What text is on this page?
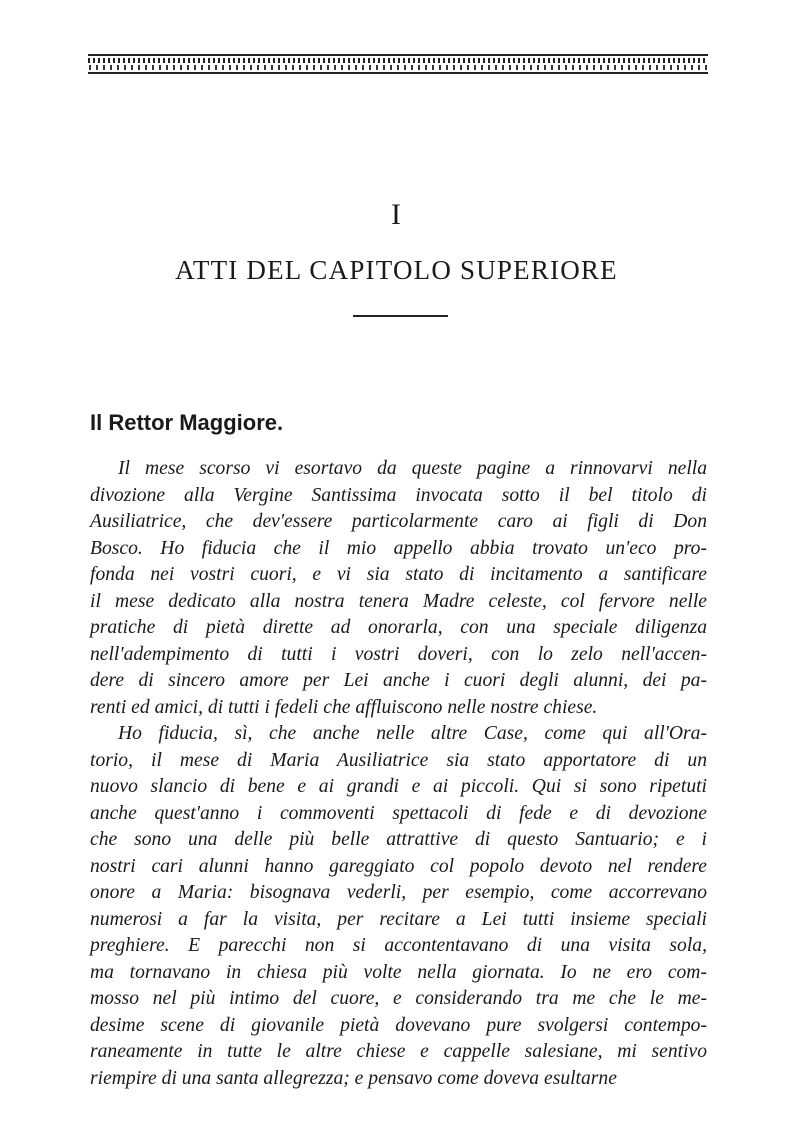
I
ATTI DEL CAPITOLO SUPERIORE
Il Rettor Maggiore.
Il mese scorso vi esortavo da queste pagine a rinnovarvi nella
divozione alla Vergine Santissima invocata sotto il bel titolo di
Ausiliatrice, che dev'essere particolarmente caro ai figli di Don
Bosco. Ho fiducia che il mio appello abbia trovato un'eco pro-
fonda nei vostri cuori, e vi sia stato di incitamento a santificare
il mese dedicato alla nostra tenera Madre celeste, col fervore nelle
pratiche di pietà dirette ad onorarla, con una speciale diligenza
nell'adempimento di tutti i vostri doveri, con lo zelo nell'accen-
dere di sincero amore per Lei anche i cuori degli alunni, dei pa-
renti ed amici, di tutti i fedeli che affluiscono nelle nostre chiese.
Ho fiducia, sì, che anche nelle altre Case, come qui all'Ora-
torio, il mese di Maria Ausiliatrice sia stato apportatore di un
nuovo slancio di bene e ai grandi e ai piccoli. Qui si sono ripetuti
anche quest'anno i commoventi spettacoli di fede e di devozione
che sono una delle più belle attrattive di questo Santuario; e i
nostri cari alunni hanno gareggiato col popolo devoto nel rendere
onore a Maria: bisognava vederli, per esempio, come accorrevano
numerosi a far la visita, per recitare a Lei tutti insieme speciali
preghiere. E parecchi non si accontentavano di una visita sola,
ma tornavano in chiesa più volte nella giornata. Io ne ero com-
mosso nel più intimo del cuore, e considerando tra me che le me-
desime scene di giovanile pietà dovevano pure svolgersi contempo-
raneamente in tutte le altre chiese e cappelle salesiane, mi sentivo
riempire di una santa allegrezza; e pensavo come doveva esultarne
